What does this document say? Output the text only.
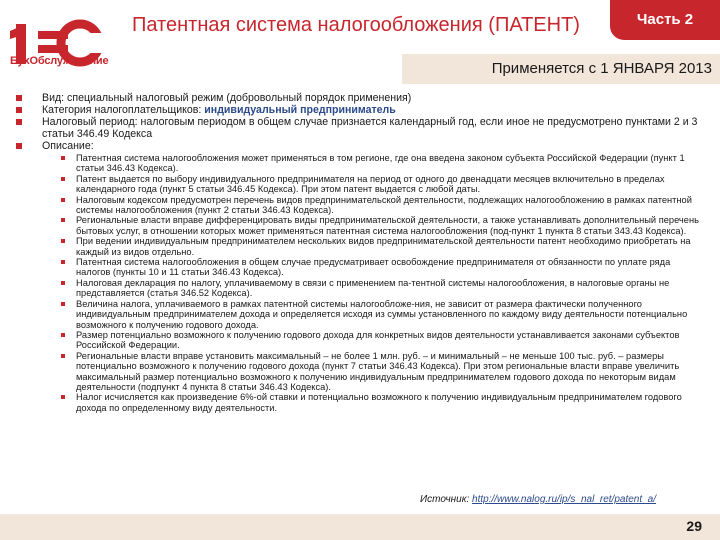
БухОбслуживание
Патентная система налогообложения (ПАТЕНТ)	Часть 2
Применяется с 1 ЯНВАРЯ 2013

Вид: специальный налоговый режим (добровольный порядок применения)

Категория налогоплательщиков: индивидуальный предприниматель

Налоговый период: налоговым периодом в общем случае признается календарный год, если иное не предусмотрено пунктами 2 и 3 статьи 346.49 Кодекса

Описание:

Патентная система налогообложения может применяться в том регионе, где она введена законом субъекта Российской Федерации (пункт 1 статьи 346.43 Кодекса).

Патент выдается по выбору индивидуального предпринимателя на период от одного до двенадцати месяцев включительно в пределах календарного года (пункт 5 статьи 346.45 Кодекса). При этом патент выдается с любой даты.

Налоговым кодексом предусмотрен перечень видов предпринимательской деятельности, подлежащих налогообложению в рамках патентной системы налогообложения (пункт 2 статьи 346.43 Кодекса).

Региональные власти вправе дифференцировать виды предпринимательской деятельности, а также устанавливать дополнительный перечень бытовых услуг, в отношении которых может применяться патентная система налогообложения (под-пункт 1 пункта 8 статьи 343.43 Кодекса).

При ведении индивидуальным предпринимателем нескольких видов предпринимательской деятельности патент необходимо приобретать на каждый из видов отдельно.

Патентная система налогообложения в общем случае предусматривает освобождение предпринимателя от обязанности по уплате ряда налогов (пункты 10 и 11 статьи 346.43 Кодекса).

Налоговая декларация по налогу, уплачиваемому в связи с применением па-тентной системы налогообложения, в налоговые органы не представляется (статья 346.52 Кодекса).

Величина налога, уплачиваемого в рамках патентной системы налогообложе-ния, не зависит от размера фактически полученного индивидуальным предпринимателем дохода и определяется исходя из суммы установленного по каждому виду деятельности потенциально возможного к получению годового дохода.

Размер потенциально возможного к получению годового дохода для конкретных видов деятельности устанавливается законами субъектов Российской Федерации.

Региональные власти вправе установить максимальный – не более 1 млн. руб. – и минимальный – не меньше 100 тыс. руб. – размеры потенциально возможного к получению годового дохода (пункт 7 статьи 346.43 Кодекса). При этом региональные власти вправе увеличить максимальный размер потенциально возможного к получению индивидуальным предпринимателем годового дохода по некоторым видам деятельности (подпункт 4 пункта 8 статьи 346.43 Кодекса).

Налог исчисляется как произведение 6%-ой ставки и потенциально возможного к получению индивидуальным предпринимателем годового дохода по определенному виду деятельности.

Источник: http://www.nalog.ru/ip/s_nal_ret/patent_a/
29
